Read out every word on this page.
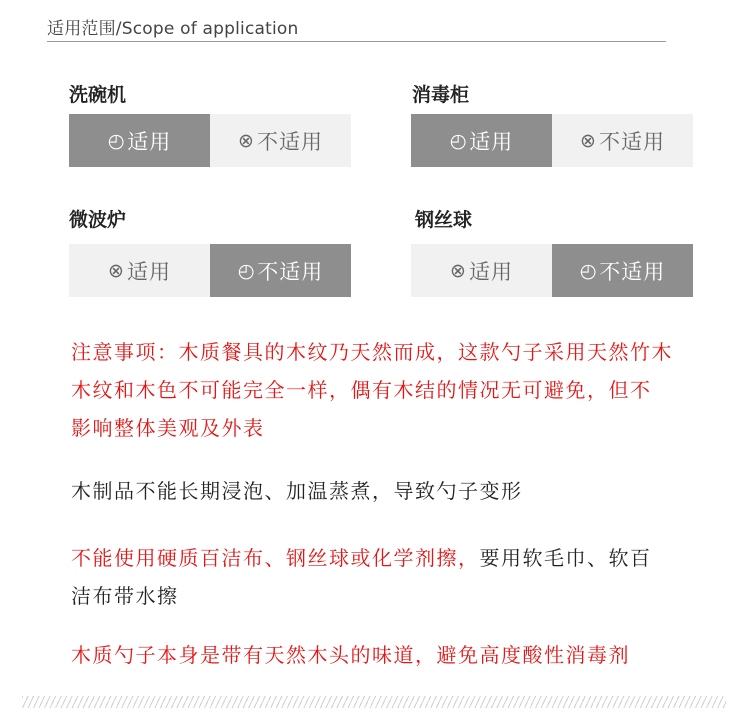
适用范围/Scope of application
洗碗机
◴ 适用	⊗ 不适用
消毒柜
◴ 适用	⊗ 不适用
微波炉
⊗ 适用	◴ 不适用
钢丝球
⊗ 适用	◴ 不适用
注意事项：木质餐具的木纹乃天然而成，这款勺子采用天然竹木
木纹和木色不可能完全一样，偶有木结的情况无可避免，但不
影响整体美观及外表
木制品不能长期浸泡、加温蒸煮，导致勺子变形
不能使用硬质百洁布、钢丝球或化学剂擦，要用软毛巾、软百
洁布带水擦
木质勺子本身是带有天然木头的味道，避免高度酸性消毒剂
